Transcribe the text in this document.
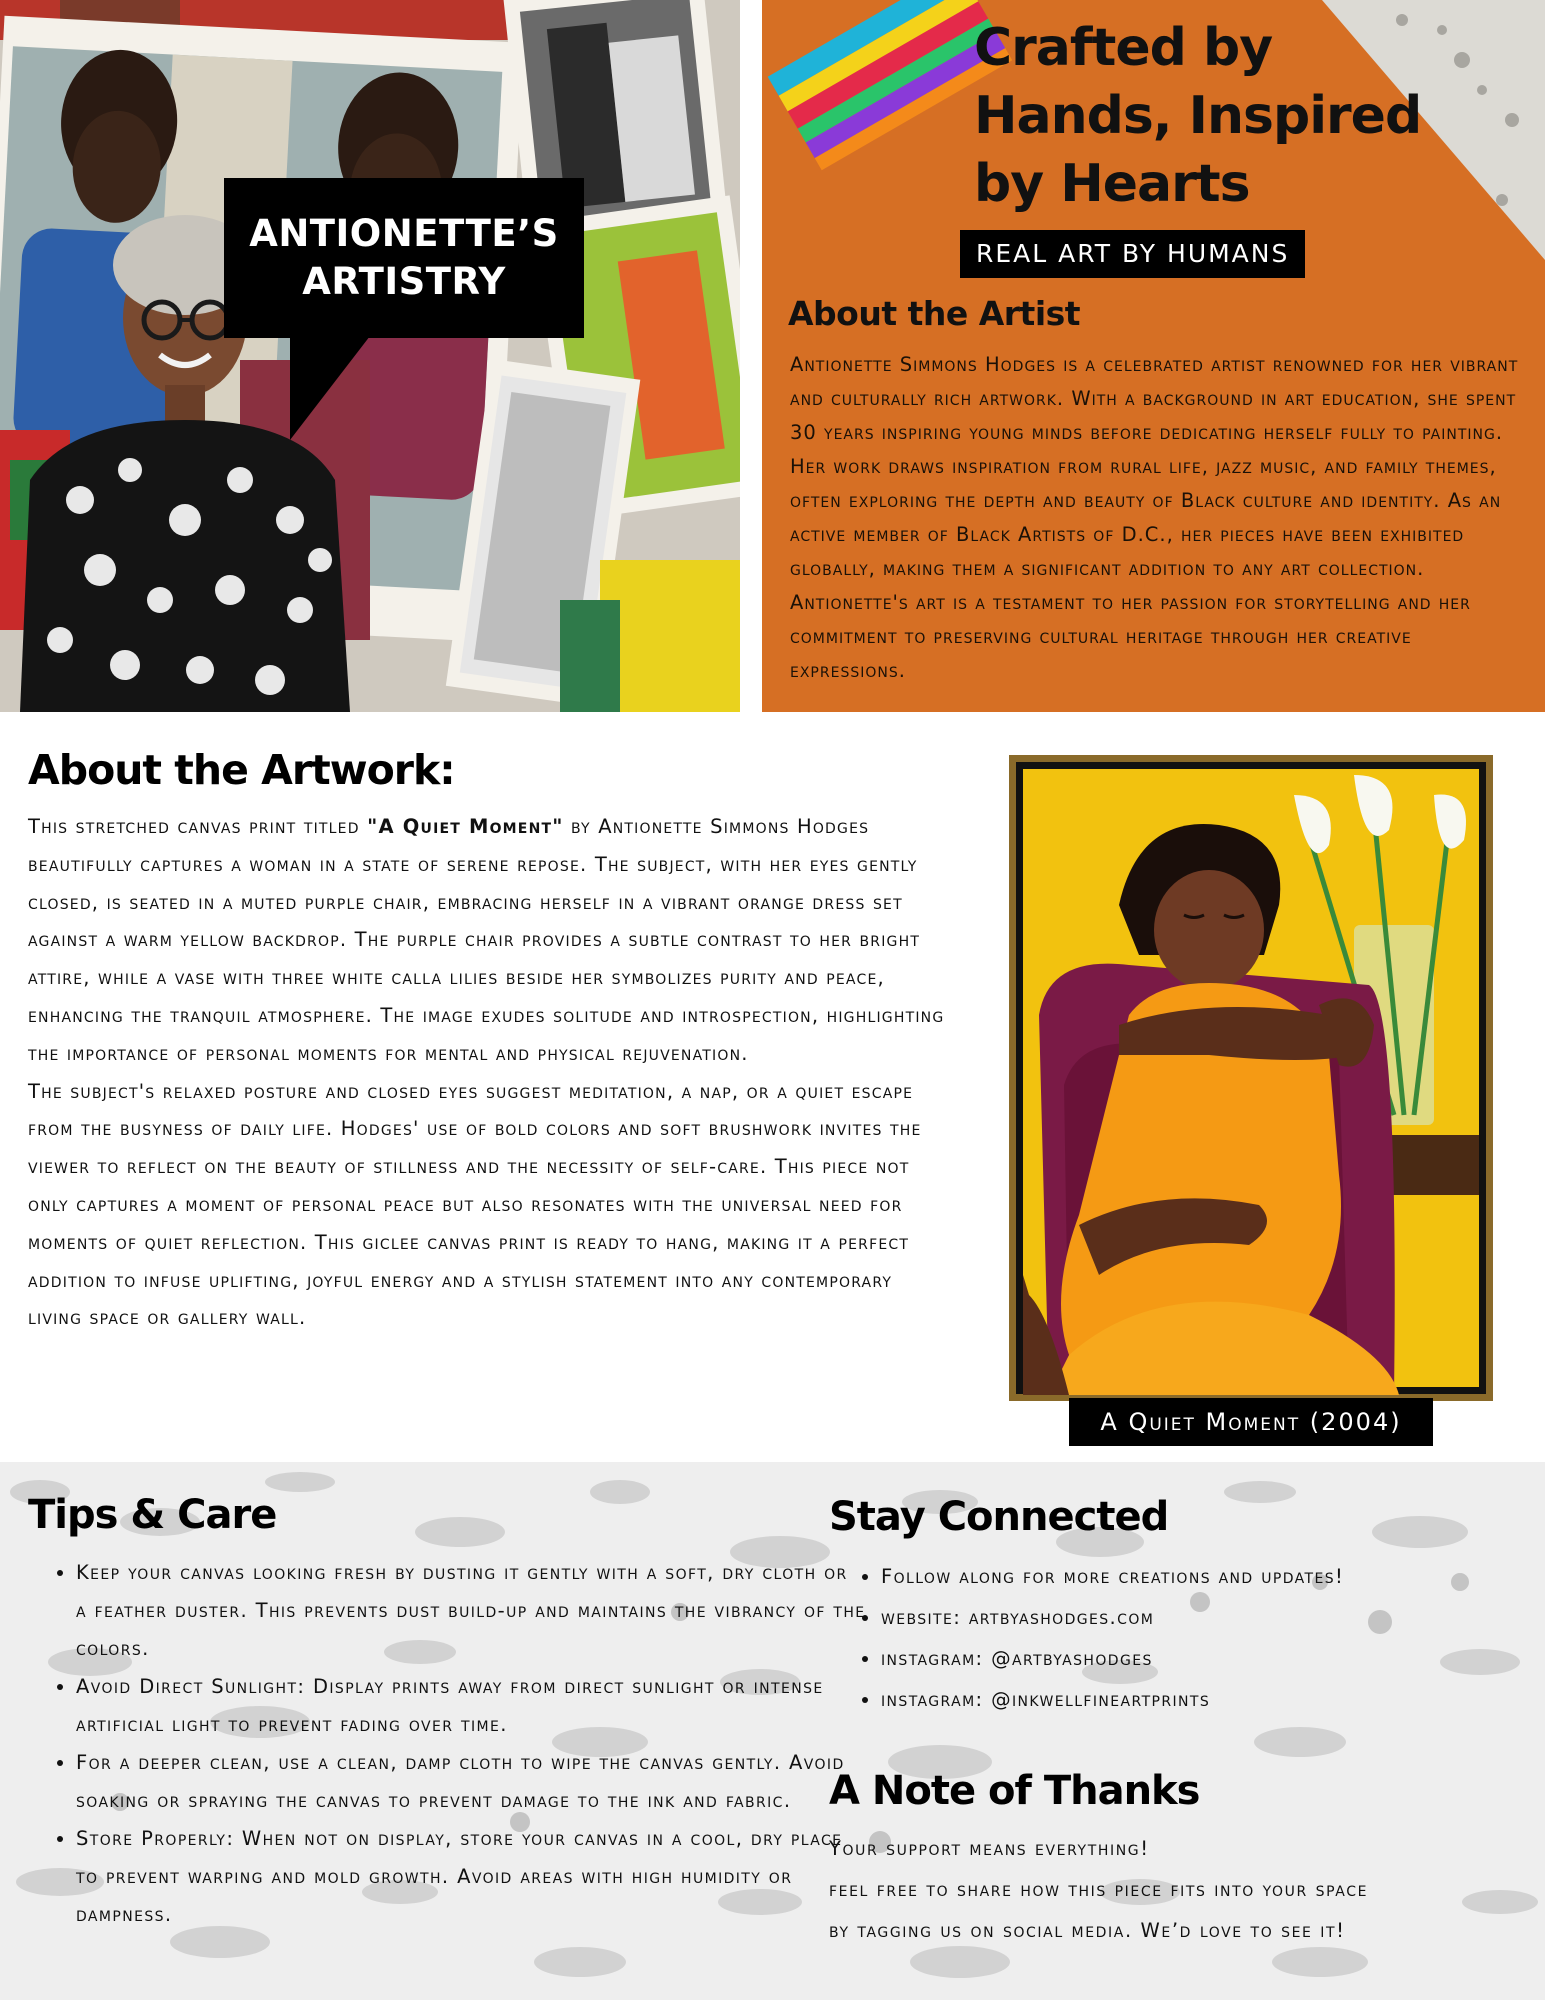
ANTIONETTE’S
ARTISTRY
Crafted by
Hands, Inspired
by Hearts
REAL ART BY HUMANS
About the Artist
Antionette Simmons Hodges is a celebrated artist renowned for her vibrant and culturally rich artwork. With a background in art education, she spent 30 years inspiring young minds before dedicating herself fully to painting. Her work draws inspiration from rural life, jazz music, and family themes, often exploring the depth and beauty of Black culture and identity. As an active member of Black Artists of D.C., her pieces have been exhibited globally, making them a significant addition to any art collection. Antionette's art is a testament to her passion for storytelling and her commitment to preserving cultural heritage through her creative expressions.
About the Artwork:
This stretched canvas print titled "A Quiet Moment" by Antionette Simmons Hodges beautifully captures a woman in a state of serene repose. The subject, with her eyes gently closed, is seated in a muted purple chair, embracing herself in a vibrant orange dress set against a warm yellow backdrop. The purple chair provides a subtle contrast to her bright attire, while a vase with three white calla lilies beside her symbolizes purity and peace, enhancing the tranquil atmosphere. The image exudes solitude and introspection, highlighting the importance of personal moments for mental and physical rejuvenation.
The subject's relaxed posture and closed eyes suggest meditation, a nap, or a quiet escape from the busyness of daily life. Hodges' use of bold colors and soft brushwork invites the viewer to reflect on the beauty of stillness and the necessity of self-care. This piece not only captures a moment of personal peace but also resonates with the universal need for moments of quiet reflection. This giclee canvas print is ready to hang, making it a perfect addition to infuse uplifting, joyful energy and a stylish statement into any contemporary living space or gallery wall.
A Quiet Moment (2004)
Tips & Care
• Keep your canvas looking fresh by dusting it gently with a soft, dry cloth or a feather duster. This prevents dust build-up and maintains the vibrancy of the colors.
• Avoid Direct Sunlight: Display prints away from direct sunlight or intense artificial light to prevent fading over time.
• For a deeper clean, use a clean, damp cloth to wipe the canvas gently. Avoid soaking or spraying the canvas to prevent damage to the ink and fabric.
• Store Properly: When not on display, store your canvas in a cool, dry place to prevent warping and mold growth. Avoid areas with high humidity or dampness.
Stay Connected
• Follow along for more creations and updates!
• website: artbyashodges.com
• instagram: @artbyashodges
• instagram: @inkwellfineartprints
A Note of Thanks
Your support means everything!
feel free to share how this piece fits into your space
by tagging us on social media. We’d love to see it!
